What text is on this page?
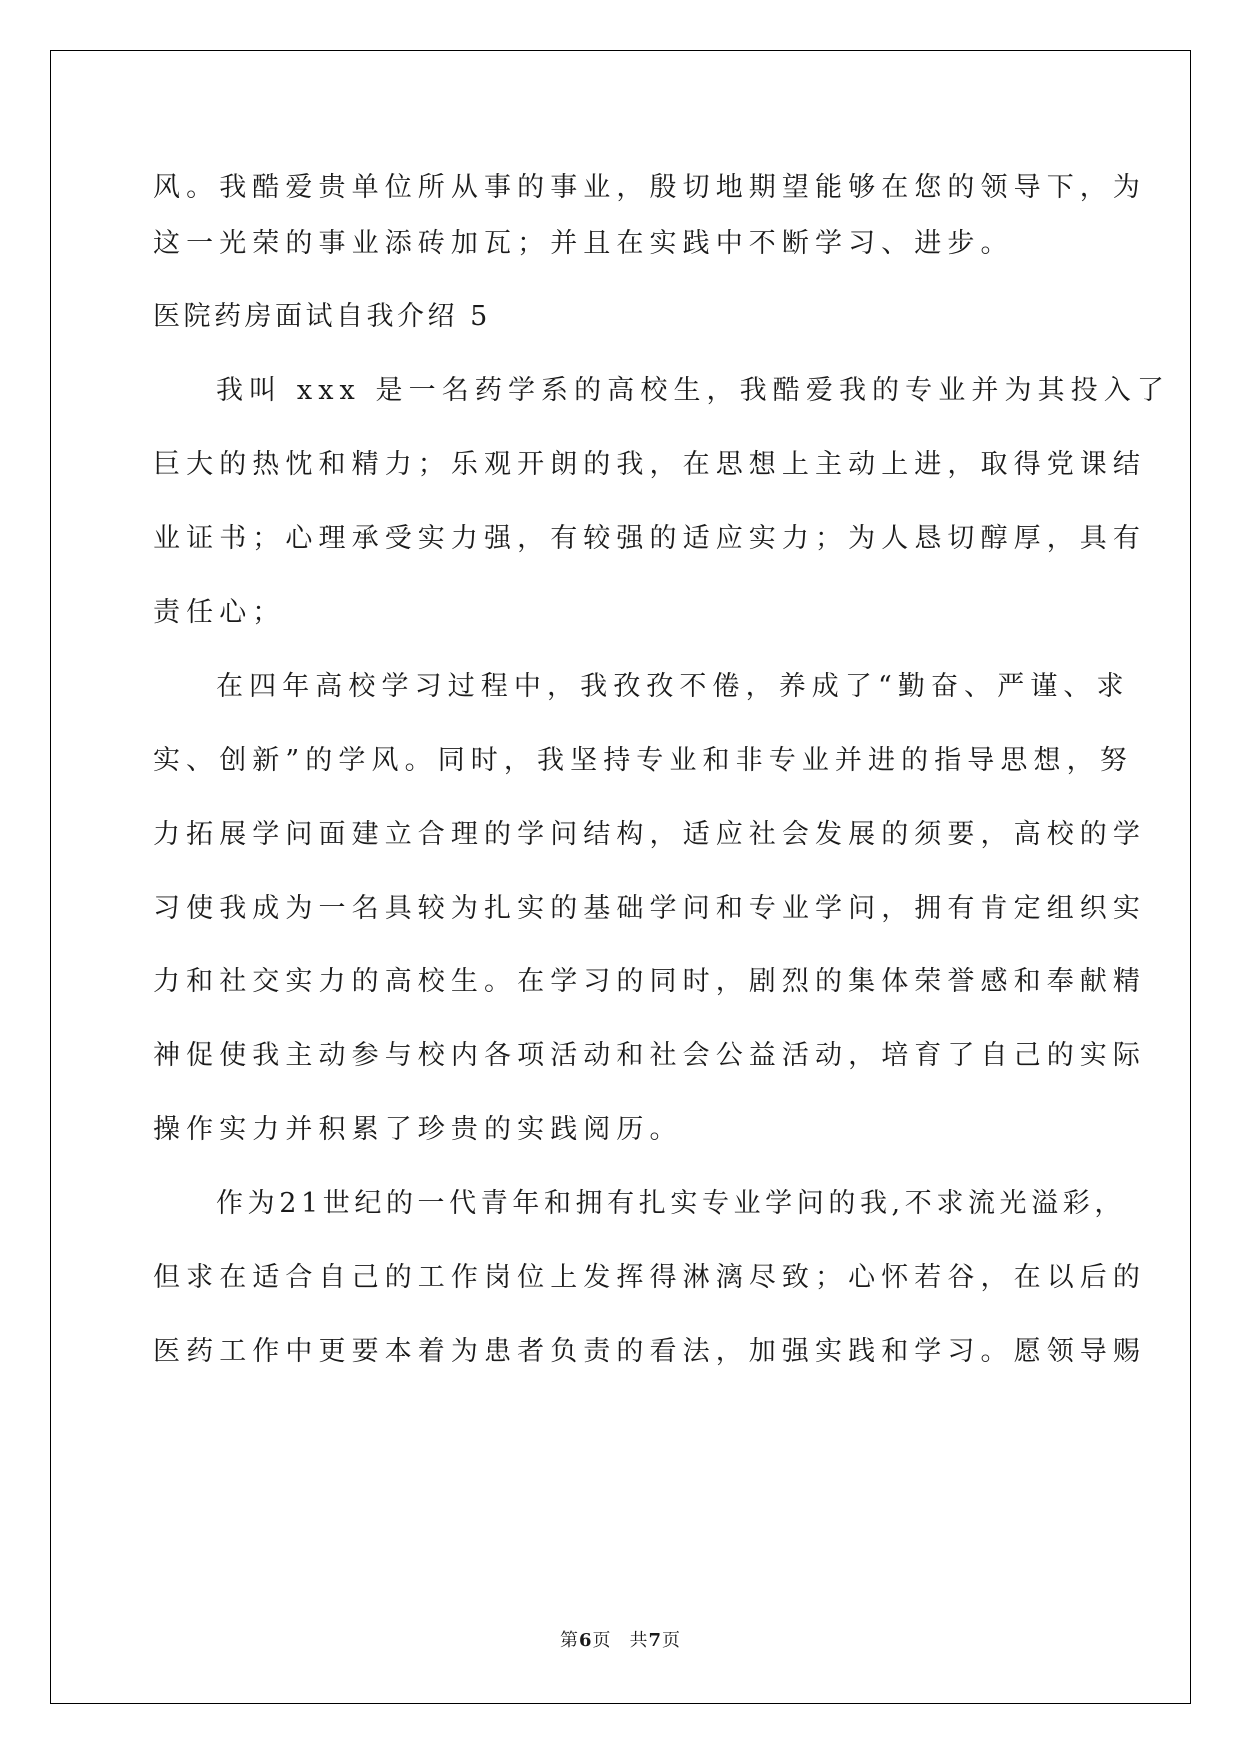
风。我酷爱贵单位所从事的事业，殷切地期望能够在您的领导下，为
这一光荣的事业添砖加瓦；并且在实践中不断学习、进步。
医院药房面试自我介绍 5
我叫 xxx 是一名药学系的高校生，我酷爱我的专业并为其投入了
巨大的热忱和精力；乐观开朗的我，在思想上主动上进，取得党课结
业证书；心理承受实力强，有较强的适应实力；为人恳切醇厚，具有
责任心；
在四年高校学习过程中，我孜孜不倦，养成了“勤奋、严谨、求
实、创新”的学风。同时，我坚持专业和非专业并进的指导思想，努
力拓展学问面建立合理的学问结构，适应社会发展的须要，高校的学
习使我成为一名具较为扎实的基础学问和专业学问，拥有肯定组织实
力和社交实力的高校生。在学习的同时，剧烈的集体荣誉感和奉献精
神促使我主动参与校内各项活动和社会公益活动，培育了自己的实际
操作实力并积累了珍贵的实践阅历。
作为21世纪的一代青年和拥有扎实专业学问的我,不求流光溢彩，
但求在适合自己的工作岗位上发挥得淋漓尽致；心怀若谷，在以后的
医药工作中更要本着为患者负责的看法，加强实践和学习。愿领导赐
第6页 共7页
